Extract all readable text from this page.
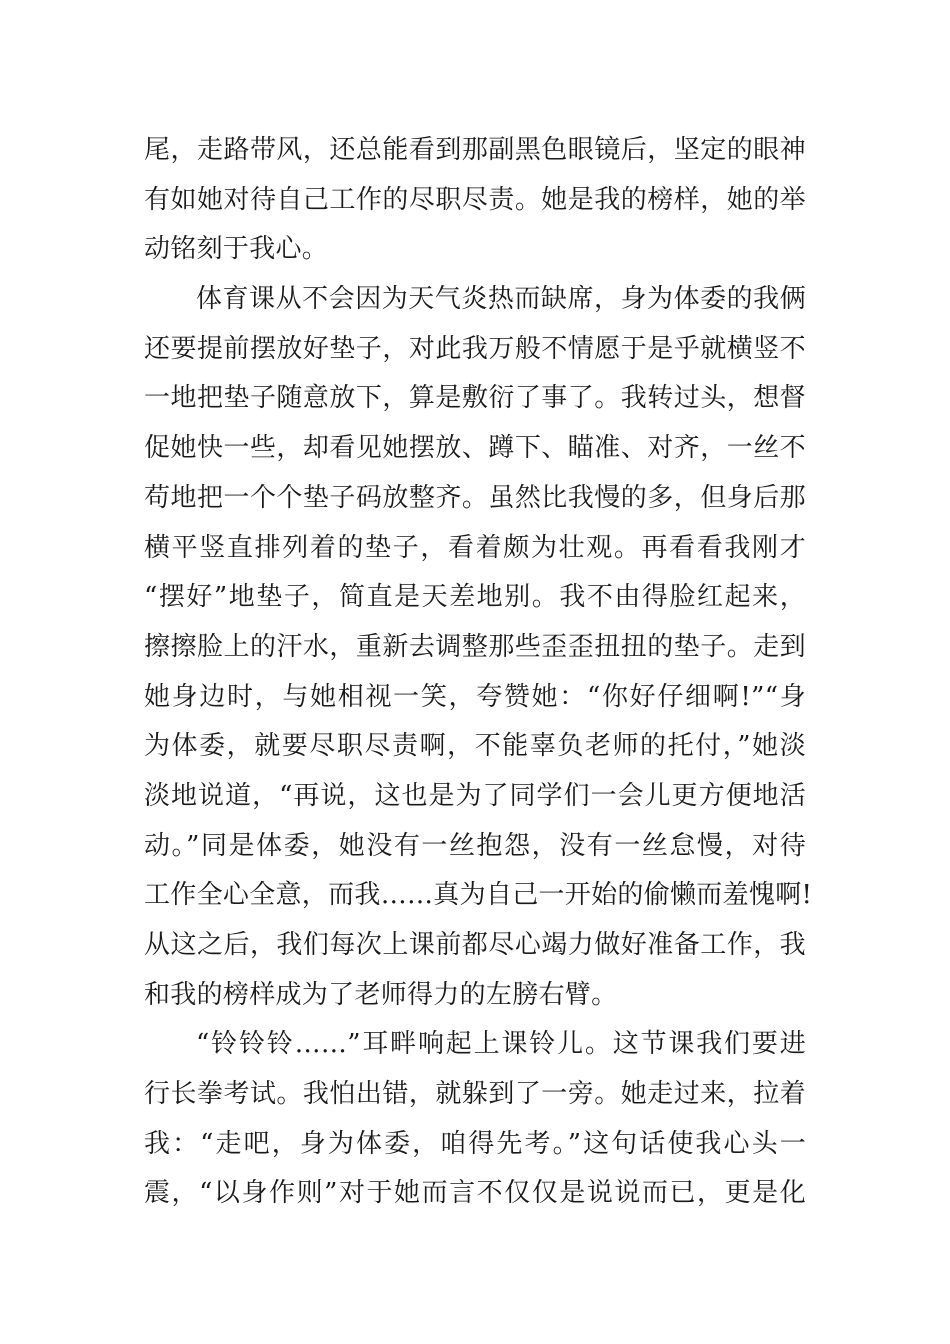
尾，走路带风，还总能看到那副黑色眼镜后，坚定的眼神
有如她对待自己工作的尽职尽责。她是我的榜样，她的举
动铭刻于我心。
体育课从不会因为天气炎热而缺席，身为体委的我俩
还要提前摆放好垫子，对此我万般不情愿于是乎就横竖不
一地把垫子随意放下，算是敷衍了事了。我转过头，想督
促她快一些，却看见她摆放、蹲下、瞄准、对齐，一丝不
苟地把一个个垫子码放整齐。虽然比我慢的多，但身后那
横平竖直排列着的垫子，看着颇为壮观。再看看我刚才
“摆好”地垫子，简直是天差地别。我不由得脸红起来，
擦擦脸上的汗水，重新去调整那些歪歪扭扭的垫子。走到
她身边时，与她相视一笑，夸赞她：“你好仔细啊!”“身
为体委，就要尽职尽责啊，不能辜负老师的托付，”她淡
淡地说道，“再说，这也是为了同学们一会儿更方便地活
动。”同是体委，她没有一丝抱怨，没有一丝怠慢，对待
工作全心全意，而我……真为自己一开始的偷懒而羞愧啊!
从这之后，我们每次上课前都尽心竭力做好准备工作，我
和我的榜样成为了老师得力的左膀右臂。
“铃铃铃……”耳畔响起上课铃儿。这节课我们要进
行长拳考试。我怕出错，就躲到了一旁。她走过来，拉着
我：“走吧，身为体委，咱得先考。”这句话使我心头一
震，“以身作则”对于她而言不仅仅是说说而已，更是化
